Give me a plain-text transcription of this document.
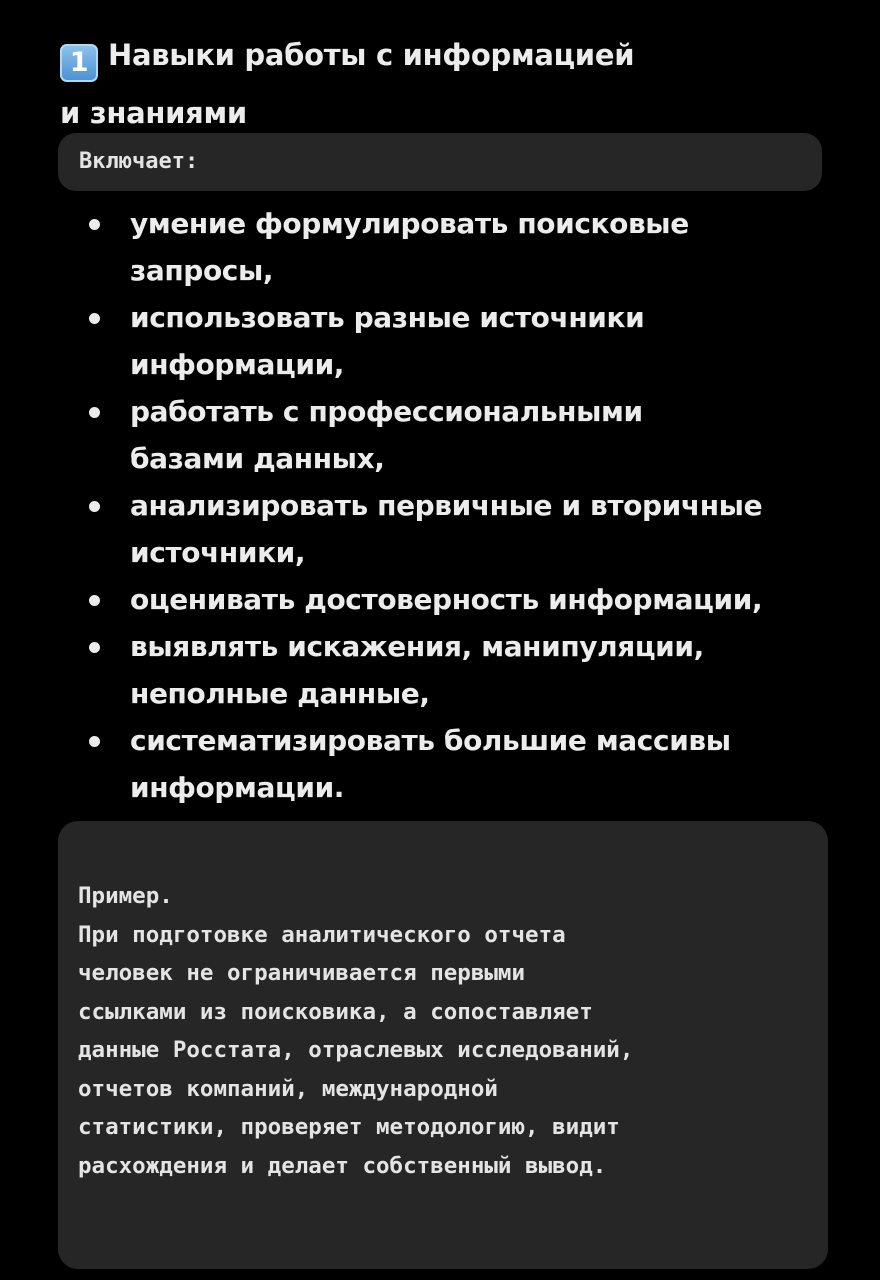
1 Навыки работы с информацией
и знаниями
Включает:
умение формулировать поисковые
запросы,
использовать разные источники
информации,
работать с профессиональными
базами данных,
анализировать первичные и вторичные
источники,
оценивать достоверность информации,
выявлять искажения, манипуляции,
неполные данные,
систематизировать большие массивы
информации.
Пример.
При подготовке аналитического отчета
человек не ограничивается первыми
ссылками из поисковика, а сопоставляет
данные Росстата, отраслевых исследований,
отчетов компаний, международной
статистики, проверяет методологию, видит
расхождения и делает собственный вывод.
